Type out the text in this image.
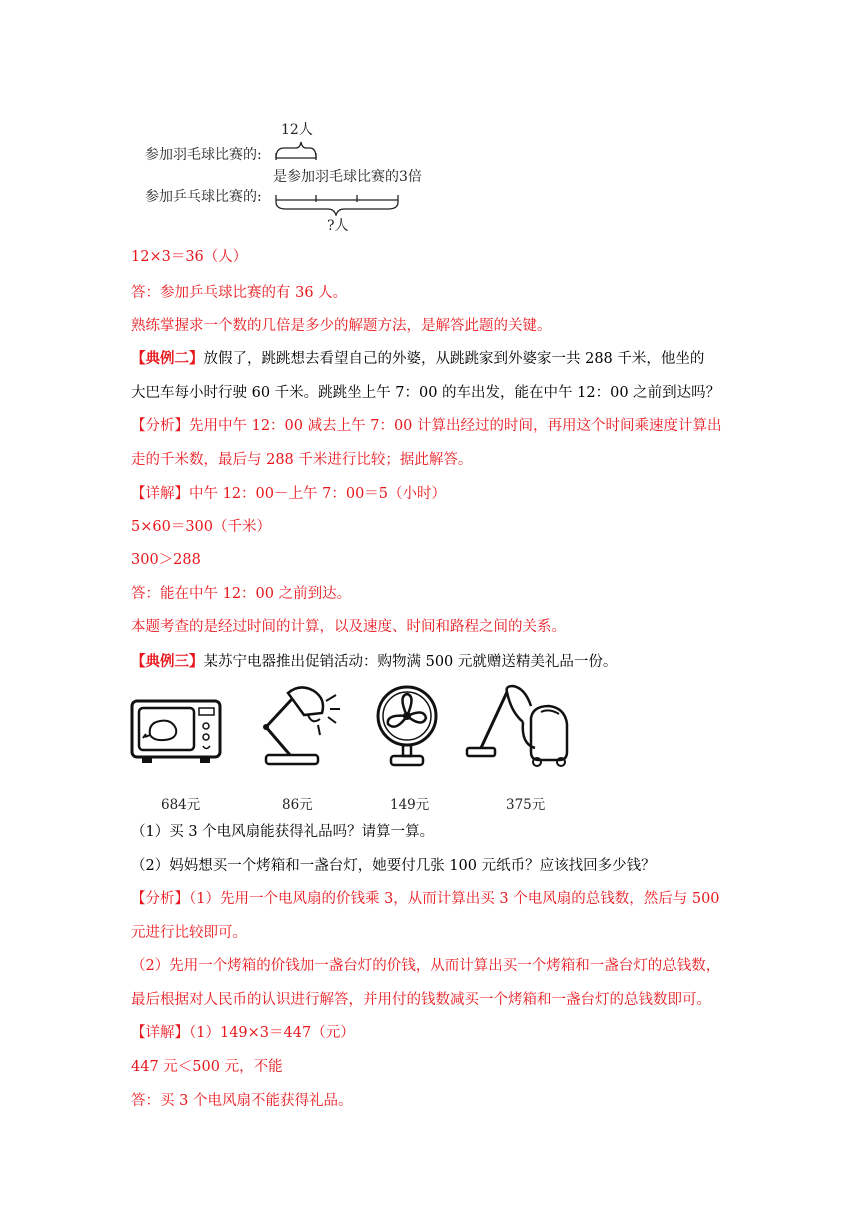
12人
参加羽毛球比赛的:
是参加羽毛球比赛的3倍
参加乒乓球比赛的:
?人
12×3＝36（人）
答：参加乒乓球比赛的有 36 人。
熟练掌握求一个数的几倍是多少的解题方法，是解答此题的关键。
【典例二】放假了，跳跳想去看望自己的外婆，从跳跳家到外婆家一共 288 千米，他坐的
大巴车每小时行驶 60 千米。跳跳坐上午 7：00 的车出发，能在中午 12：00 之前到达吗？
【分析】先用中午 12：00 减去上午 7：00 计算出经过的时间，再用这个时间乘速度计算出
走的千米数，最后与 288 千米进行比较；据此解答。
【详解】中午 12：00－上午 7：00＝5（小时）
5×60＝300（千米）
300＞288
答：能在中午 12：00 之前到达。
本题考查的是经过时间的计算，以及速度、时间和路程之间的关系。
【典例三】某苏宁电器推出促销活动：购物满 500 元就赠送精美礼品一份。
684元	86元	149元	375元
（1）买 3 个电风扇能获得礼品吗？请算一算。
（2）妈妈想买一个烤箱和一盏台灯，她要付几张 100 元纸币？应该找回多少钱？
【分析】（1）先用一个电风扇的价钱乘 3，从而计算出买 3 个电风扇的总钱数，然后与 500
元进行比较即可。
（2）先用一个烤箱的价钱加一盏台灯的价钱，从而计算出买一个烤箱和一盏台灯的总钱数，
最后根据对人民币的认识进行解答，并用付的钱数减买一个烤箱和一盏台灯的总钱数即可。
【详解】（1）149×3＝447（元）
447 元＜500 元，不能
答：买 3 个电风扇不能获得礼品。
